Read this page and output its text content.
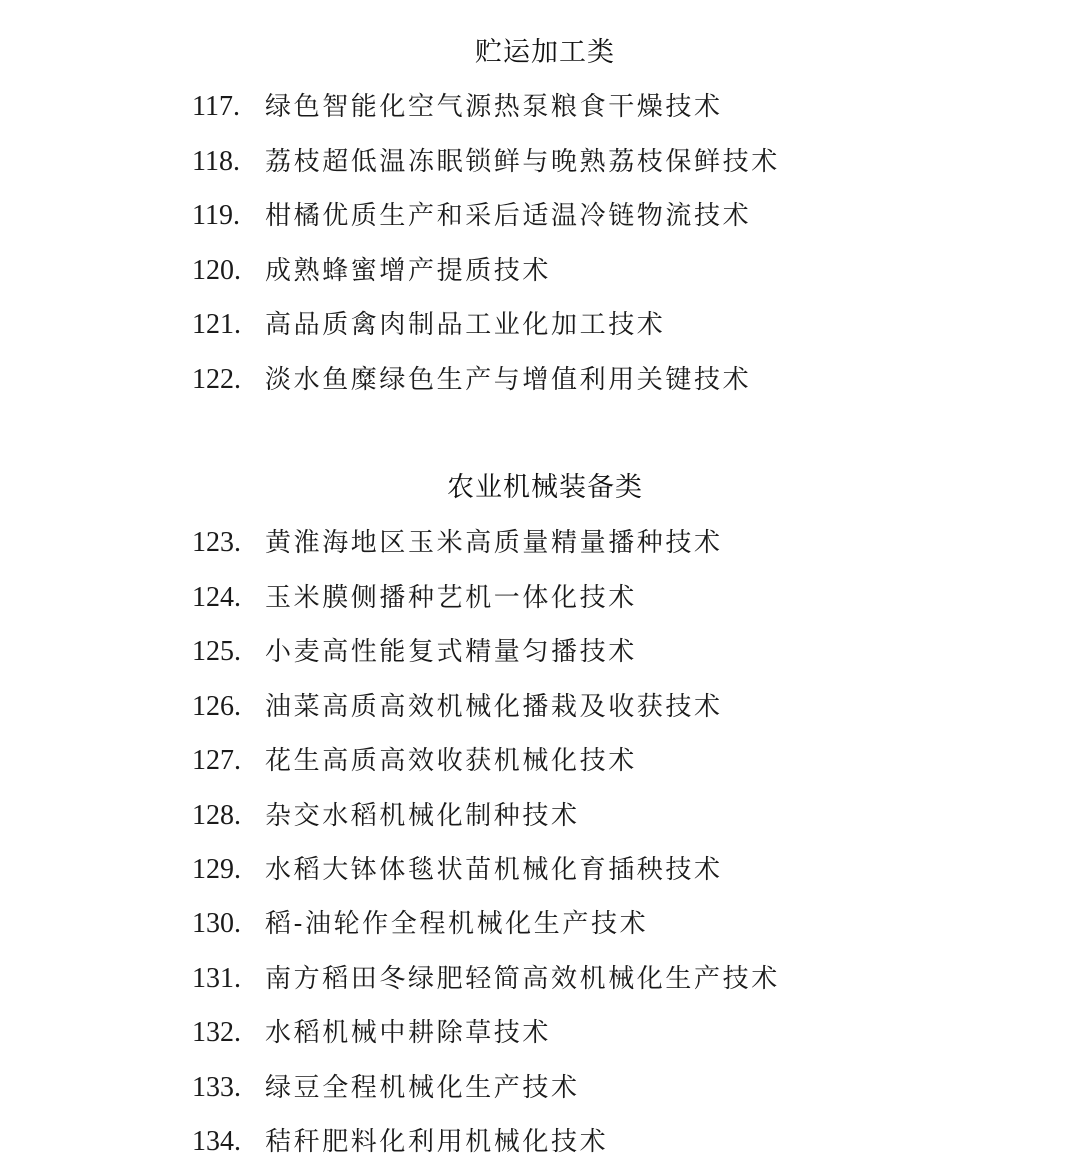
贮运加工类
117. 绿色智能化空气源热泵粮食干燥技术
118. 荔枝超低温冻眠锁鲜与晚熟荔枝保鲜技术
119. 柑橘优质生产和采后适温冷链物流技术
120. 成熟蜂蜜增产提质技术
121. 高品质禽肉制品工业化加工技术
122. 淡水鱼糜绿色生产与增值利用关键技术
农业机械装备类
123. 黄淮海地区玉米高质量精量播种技术
124. 玉米膜侧播种艺机一体化技术
125. 小麦高性能复式精量匀播技术
126. 油菜高质高效机械化播栽及收获技术
127. 花生高质高效收获机械化技术
128. 杂交水稻机械化制种技术
129. 水稻大钵体毯状苗机械化育插秧技术
130. 稻-油轮作全程机械化生产技术
131. 南方稻田冬绿肥轻简高效机械化生产技术
132. 水稻机械中耕除草技术
133. 绿豆全程机械化生产技术
134. 秸秆肥料化利用机械化技术
